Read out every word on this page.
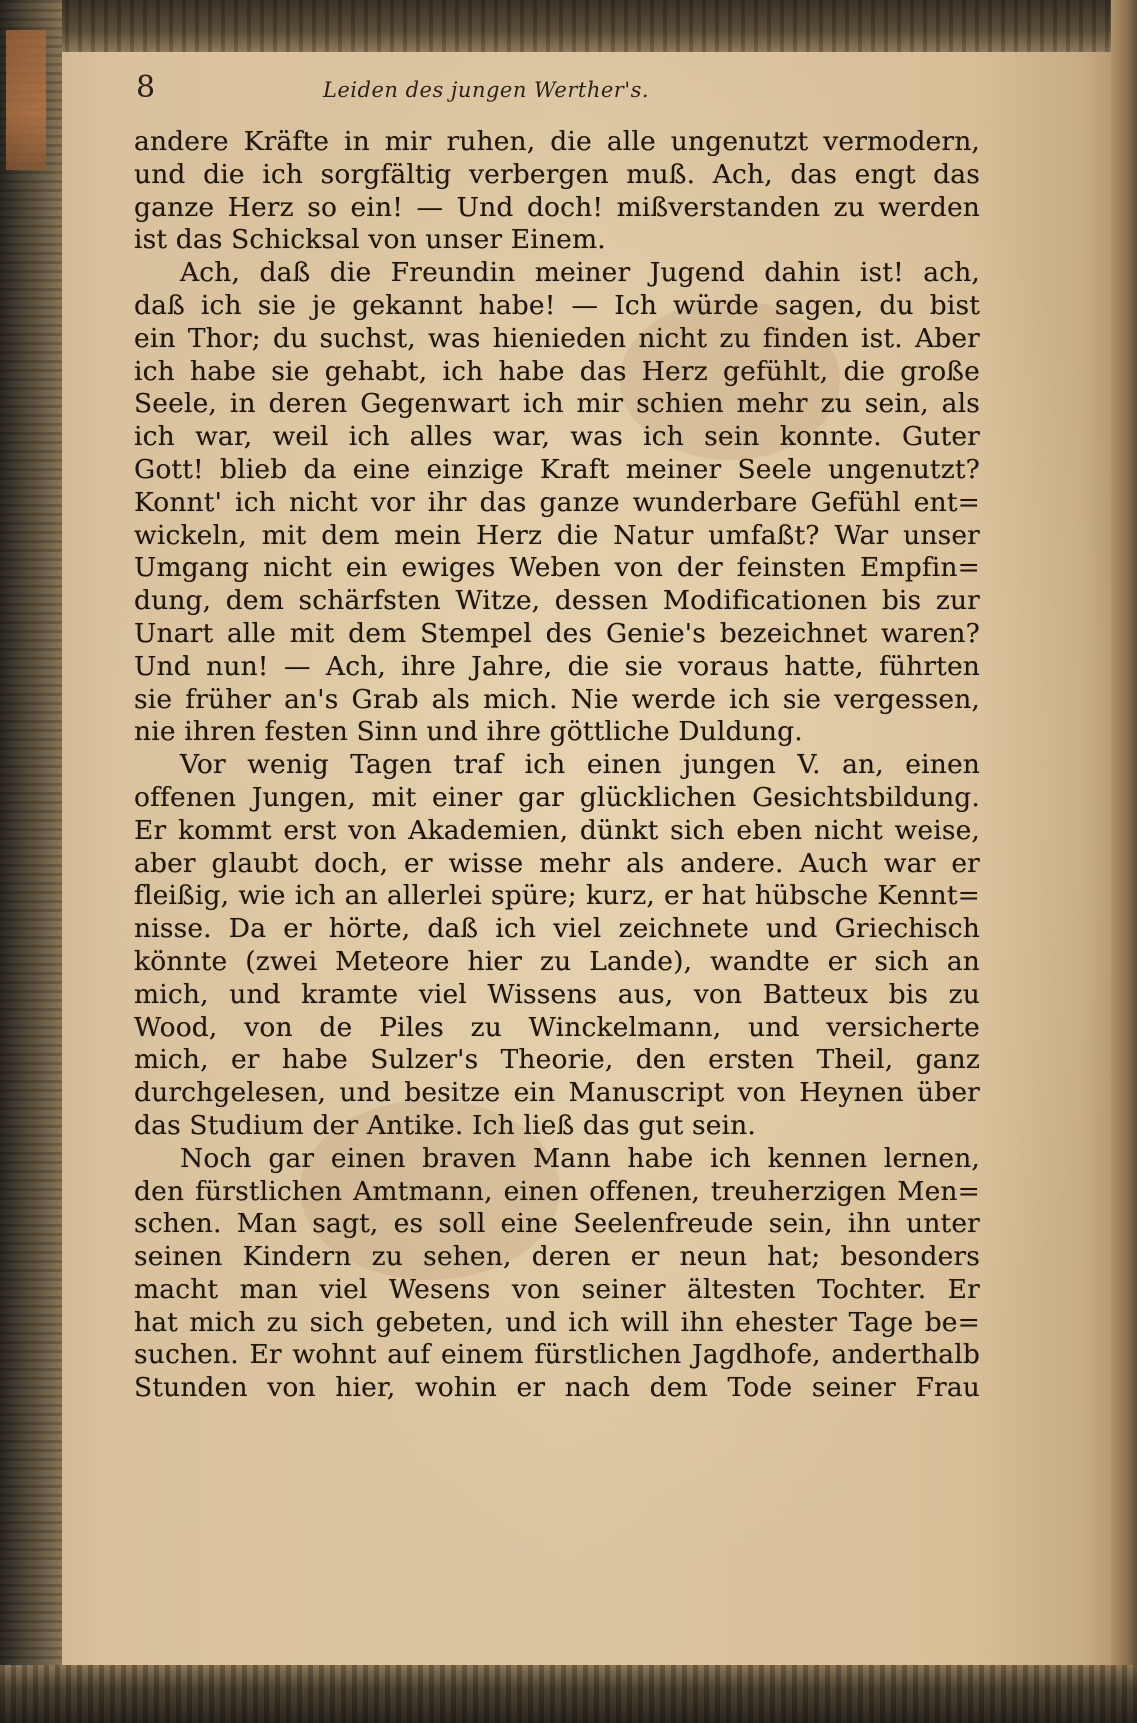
8	Leiden des jungen Werther's.
andere Kräfte in mir ruhen, die alle ungenutzt vermodern,
und die ich sorgfältig verbergen muß. Ach, das engt das
ganze Herz so ein! — Und doch! mißverstanden zu werden
ist das Schicksal von unser Einem.
Ach, daß die Freundin meiner Jugend dahin ist! ach,
daß ich sie je gekannt habe! — Ich würde sagen, du bist
ein Thor; du suchst, was hienieden nicht zu finden ist. Aber
ich habe sie gehabt, ich habe das Herz gefühlt, die große
Seele, in deren Gegenwart ich mir schien mehr zu sein, als
ich war, weil ich alles war, was ich sein konnte. Guter
Gott! blieb da eine einzige Kraft meiner Seele ungenutzt?
Konnt' ich nicht vor ihr das ganze wunderbare Gefühl ent=
wickeln, mit dem mein Herz die Natur umfaßt? War unser
Umgang nicht ein ewiges Weben von der feinsten Empfin=
dung, dem schärfsten Witze, dessen Modificationen bis zur
Unart alle mit dem Stempel des Genie's bezeichnet waren?
Und nun! — Ach, ihre Jahre, die sie voraus hatte, führten
sie früher an's Grab als mich. Nie werde ich sie vergessen,
nie ihren festen Sinn und ihre göttliche Duldung.
Vor wenig Tagen traf ich einen jungen V. an, einen
offenen Jungen, mit einer gar glücklichen Gesichtsbildung.
Er kommt erst von Akademien, dünkt sich eben nicht weise,
aber glaubt doch, er wisse mehr als andere. Auch war er
fleißig, wie ich an allerlei spüre; kurz, er hat hübsche Kennt=
nisse. Da er hörte, daß ich viel zeichnete und Griechisch
könnte (zwei Meteore hier zu Lande), wandte er sich an
mich, und kramte viel Wissens aus, von Batteux bis zu
Wood, von de Piles zu Winckelmann, und versicherte
mich, er habe Sulzer's Theorie, den ersten Theil, ganz
durchgelesen, und besitze ein Manuscript von Heynen über
das Studium der Antike. Ich ließ das gut sein.
Noch gar einen braven Mann habe ich kennen lernen,
den fürstlichen Amtmann, einen offenen, treuherzigen Men=
schen. Man sagt, es soll eine Seelenfreude sein, ihn unter
seinen Kindern zu sehen, deren er neun hat; besonders
macht man viel Wesens von seiner ältesten Tochter. Er
hat mich zu sich gebeten, und ich will ihn ehester Tage be=
suchen. Er wohnt auf einem fürstlichen Jagdhofe, anderthalb
Stunden von hier, wohin er nach dem Tode seiner Frau
